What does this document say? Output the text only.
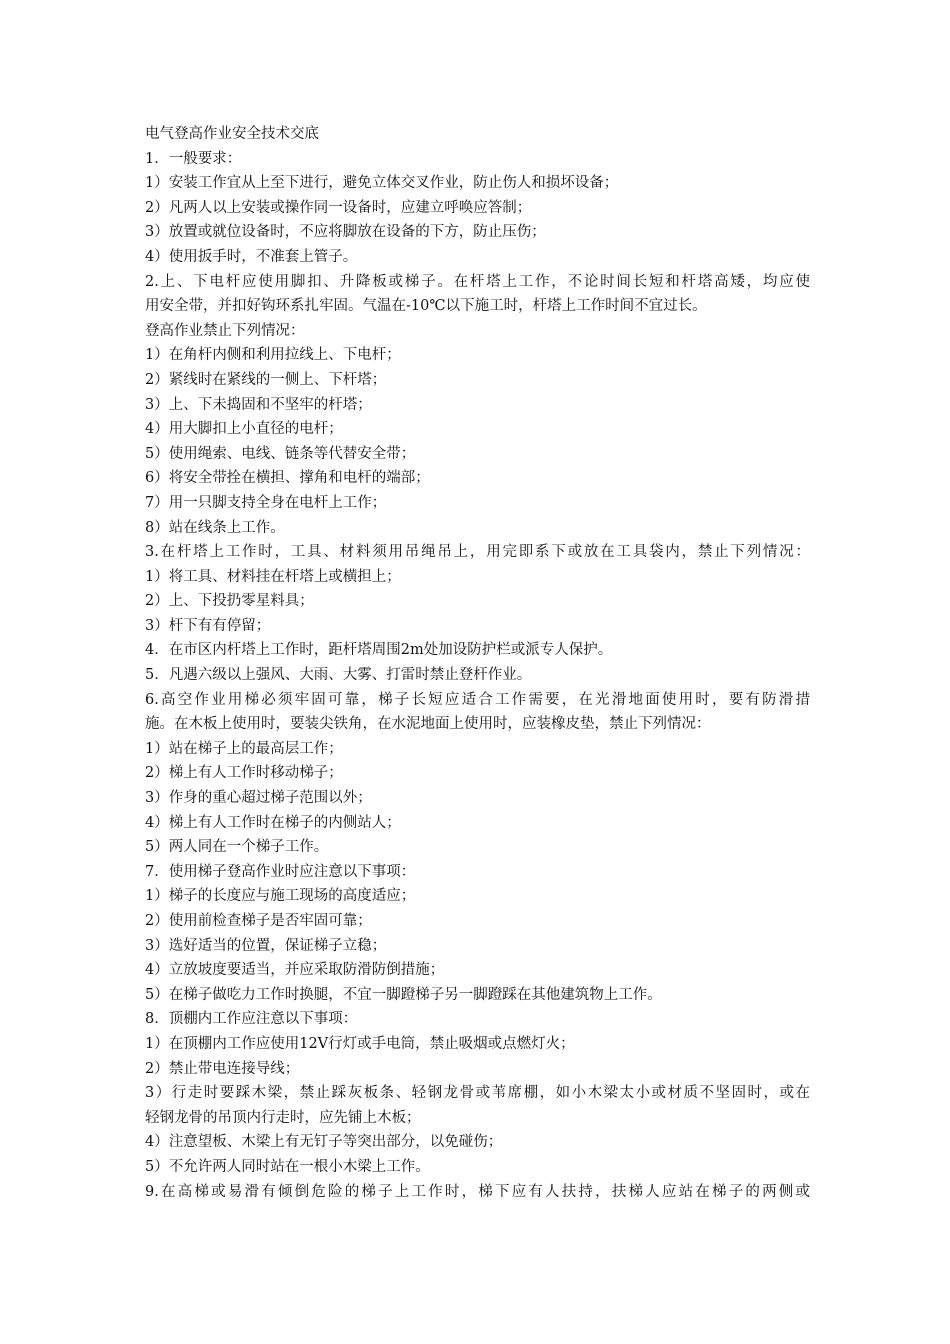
电气登高作业安全技术交底
1．一般要求：
1）安装工作宜从上至下进行，避免立体交叉作业，防止伤人和损坏设备；
2）凡两人以上安装或操作同一设备时，应建立呼唤应答制；
3）放置或就位设备时，不应将脚放在设备的下方，防止压伤；
4）使用扳手时，不准套上管子。
2.上、下电杆应使用脚扣、升降板或梯子。在杆塔上工作，不论时间长短和杆塔高矮，均应使
用安全带，并扣好钩环系扎牢固。气温在-10℃以下施工时，杆塔上工作时间不宜过长。
登高作业禁止下列情况：
1）在角杆内侧和利用拉线上、下电杆；
2）紧线时在紧线的一侧上、下杆塔；
3）上、下未捣固和不坚牢的杆塔；
4）用大脚扣上小直径的电杆；
5）使用绳索、电线、链条等代替安全带；
6）将安全带拴在横担、撑角和电杆的端部；
7）用一只脚支持全身在电杆上工作；
8）站在线条上工作。
3.在杆塔上工作时，工具、材料须用吊绳吊上，用完即系下或放在工具袋内，禁止下列情况：
1）将工具、材料挂在杆塔上或横担上；
2）上、下投扔零星料具；
3）杆下有有停留；
4．在市区内杆塔上工作时，距杆塔周围2m处加设防护栏或派专人保护。
5．凡遇六级以上强风、大雨、大雾、打雷时禁止登杆作业。
6.高空作业用梯必须牢固可靠，梯子长短应适合工作需要，在光滑地面使用时，要有防滑措
施。在木板上使用时，要装尖铁角，在水泥地面上使用时，应装橡皮垫，禁止下列情况：
1）站在梯子上的最高层工作；
2）梯上有人工作时移动梯子；
3）作身的重心超过梯子范围以外；
4）梯上有人工作时在梯子的内侧站人；
5）两人同在一个梯子工作。
7．使用梯子登高作业时应注意以下事项：
1）梯子的长度应与施工现场的高度适应；
2）使用前检查梯子是否牢固可靠；
3）选好适当的位置，保证梯子立稳；
4）立放坡度要适当，并应采取防滑防倒措施；
5）在梯子做吃力工作时换腿，不宜一脚蹬梯子另一脚蹬踩在其他建筑物上工作。
8．顶棚内工作应注意以下事项：
1）在顶棚内工作应使用12V行灯或手电筒，禁止吸烟或点燃灯火；
2）禁止带电连接导线；
3）行走时要踩木梁，禁止踩灰板条、轻钢龙骨或苇席棚，如小木梁太小或材质不坚固时，或在
轻钢龙骨的吊顶内行走时，应先铺上木板；
4）注意望板、木梁上有无钉子等突出部分，以免碰伤；
5）不允许两人同时站在一根小木梁上工作。
9.在高梯或易滑有倾倒危险的梯子上工作时，梯下应有人扶持，扶梯人应站在梯子的两侧或
